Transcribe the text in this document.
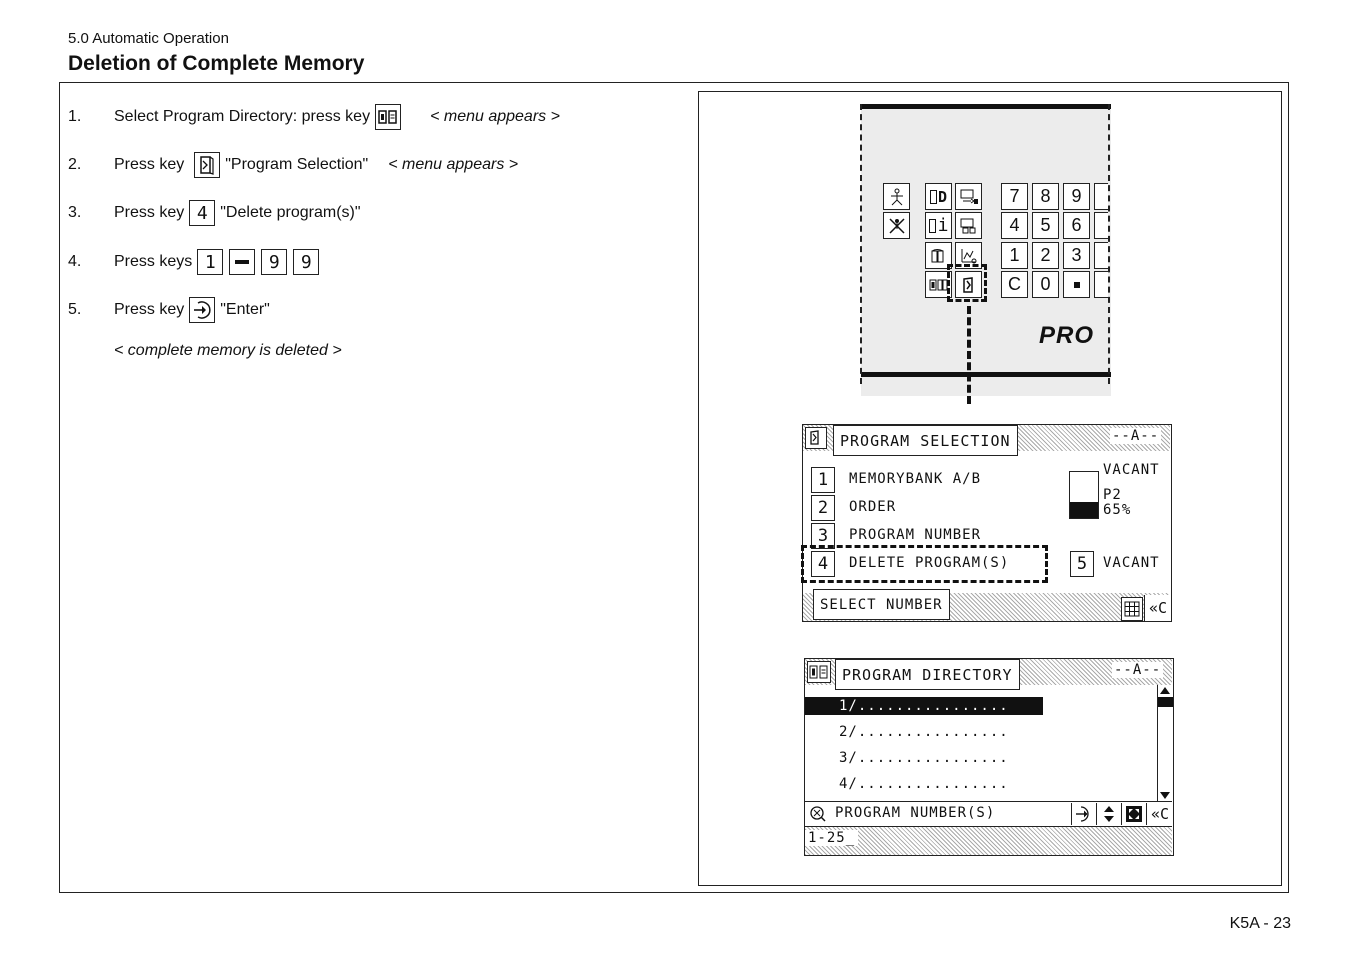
5.0 Automatic Operation
Deletion of Complete Memory
1.	Select Program Directory: press key	< menu appears >
2.	Press key	"Program Selection" < menu appears >
3.	Press key 4 "Delete program(s)"
4.	Press keys 1	9	9
5.	Press key "Enter"
< complete memory is deleted >
D
i
7	8	9
4	5	6
1	2	3
C	0
PRO
PROGRAM SELECTION	--A--
1	MEMORYBANK A/B
2	ORDER
3	PROGRAM NUMBER
4	DELETE PROGRAM(S)
VACANT
P2
65%
5	VACANT
SELECT NUMBER	«C
PROGRAM DIRECTORY	--A--
1/................
2/................
3/................
4/................
PROGRAM NUMBER(S)	«C
1-25_
K5A - 23
